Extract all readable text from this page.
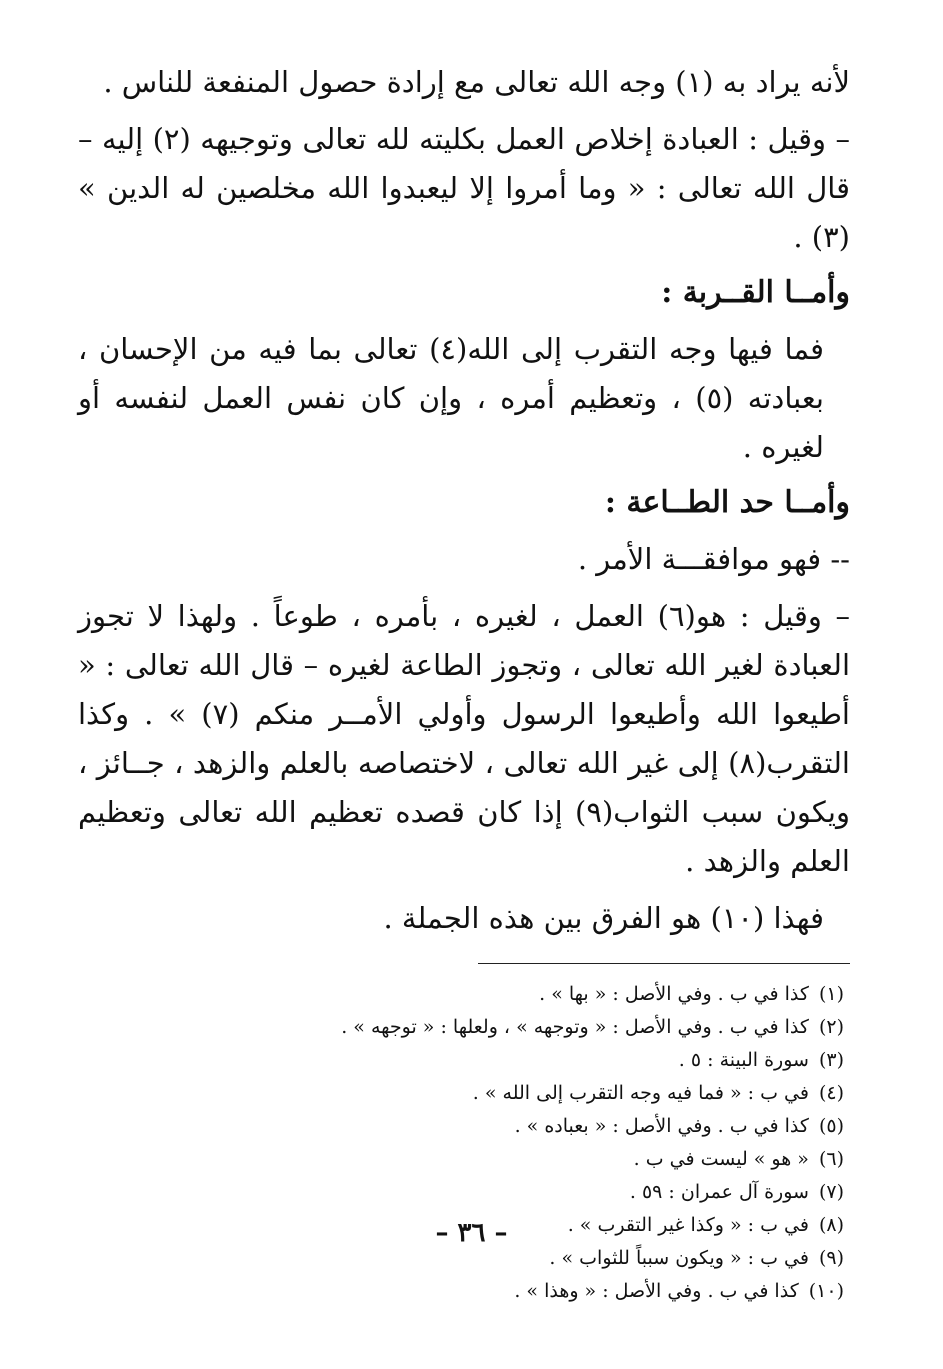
لأنه يراد به (١) وجه الله تعالى مع إرادة حصول المنفعة للناس .

– وقيل : العبادة إخلاص العمل بكليته لله تعالى وتوجيهه (٢) إليه – قال الله تعالى : « وما أمروا إلا ليعبدوا الله مخلصين له الدين » (٣) .

وأمــا القــربة :

فما فيها وجه التقرب إلى الله(٤) تعالى بما فيه من الإحسان ، بعبادته (٥) ، وتعظيم أمره ، وإن كان نفس العمل لنفسه أو لغيره .

وأمــا حد الطــاعة :

-- فهو موافقـــة الأمر .

– وقيل : هو(٦) العمل ، لغيره ، بأمره ، طوعاً . ولهذا لا تجوز العبادة لغير الله تعالى ، وتجوز الطاعة لغيره – قال الله تعالى : « أطيعوا الله وأطيعوا الرسول وأولي الأمــر منكم (٧) » . وكذا التقرب(٨) إلى غير الله تعالى ، لاختصاصه بالعلم والزهد ، جــائز ، ويكون سبب الثواب(٩) إذا كان قصده تعظيم الله تعالى وتعظيم العلم والزهد .

فهذا (١٠) هو الفرق بين هذه الجملة .

(١)كذا في ب . وفي الأصل : « بها » .

(٢)كذا في ب . وفي الأصل : « وتوجهه » ، ولعلها : « توجهه » .

(٣)سورة البينة : ٥ .

(٤)في ب : « فما فيه وجه التقرب إلى الله » .

(٥)كذا في ب . وفي الأصل : « بعباده » .

(٦)« هو » ليست في ب .

(٧)سورة آل عمران : ٥٩ .

(٨)في ب : « وكذا غير التقرب » .

(٩)في ب : « ويكون سبباً للثواب » .

(١٠)كذا في ب . وفي الأصل : « وهذا » .

– ٣٦ –
